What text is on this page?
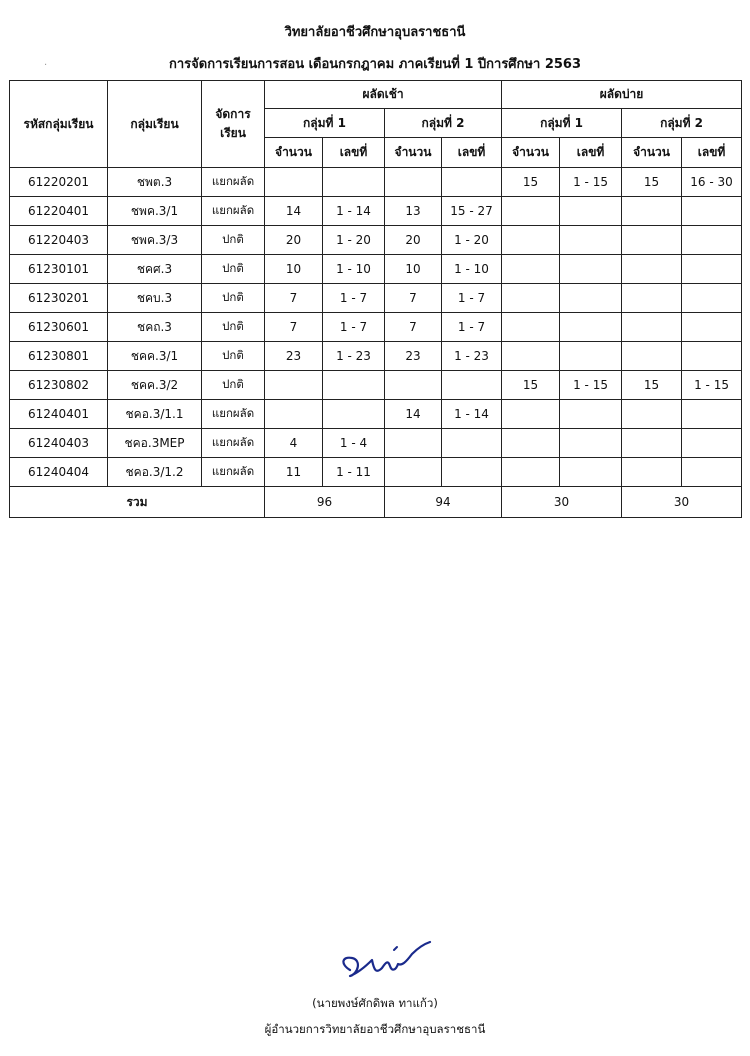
วิทยาลัยอาชีวศึกษาอุบลราชธานี
การจัดการเรียนการสอน เดือนกรกฎาคม ภาคเรียนที่ 1 ปีการศึกษา 2563
·
รหัสกลุ่มเรียน	กลุ่มเรียน	จัดการ
เรียน	ผลัดเช้า				ผลัดบ่าย			
			กลุ่มที่ 1		กลุ่มที่ 2		กลุ่มที่ 1		กลุ่มที่ 2	
			จำนวน	เลขที่	จำนวน	เลขที่	จำนวน	เลขที่	จำนวน	เลขที่
61220201	ชพต.3	แยกผลัด					15	1 - 15	15	16 - 30
61220401	ชพค.3/1	แยกผลัด	14	1 - 14	13	15 - 27				
61220403	ชพค.3/3	ปกติ	20	1 - 20	20	1 - 20				
61230101	ชคศ.3	ปกติ	10	1 - 10	10	1 - 10				
61230201	ชคบ.3	ปกติ	7	1 - 7	7	1 - 7				
61230601	ชคถ.3	ปกติ	7	1 - 7	7	1 - 7				
61230801	ชคค.3/1	ปกติ	23	1 - 23	23	1 - 23				
61230802	ชคค.3/2	ปกติ					15	1 - 15	15	1 - 15
61240401	ชคอ.3/1.1	แยกผลัด			14	1 - 14				
61240403	ชคอ.3MEP	แยกผลัด	4	1 - 4						
61240404	ชคอ.3/1.2	แยกผลัด	11	1 - 11						
รวม			96		94		30		30	
(นายพงษ์ศักดิพล ทาแก้ว)
ผู้อำนวยการวิทยาลัยอาชีวศึกษาอุบลราชธานี
